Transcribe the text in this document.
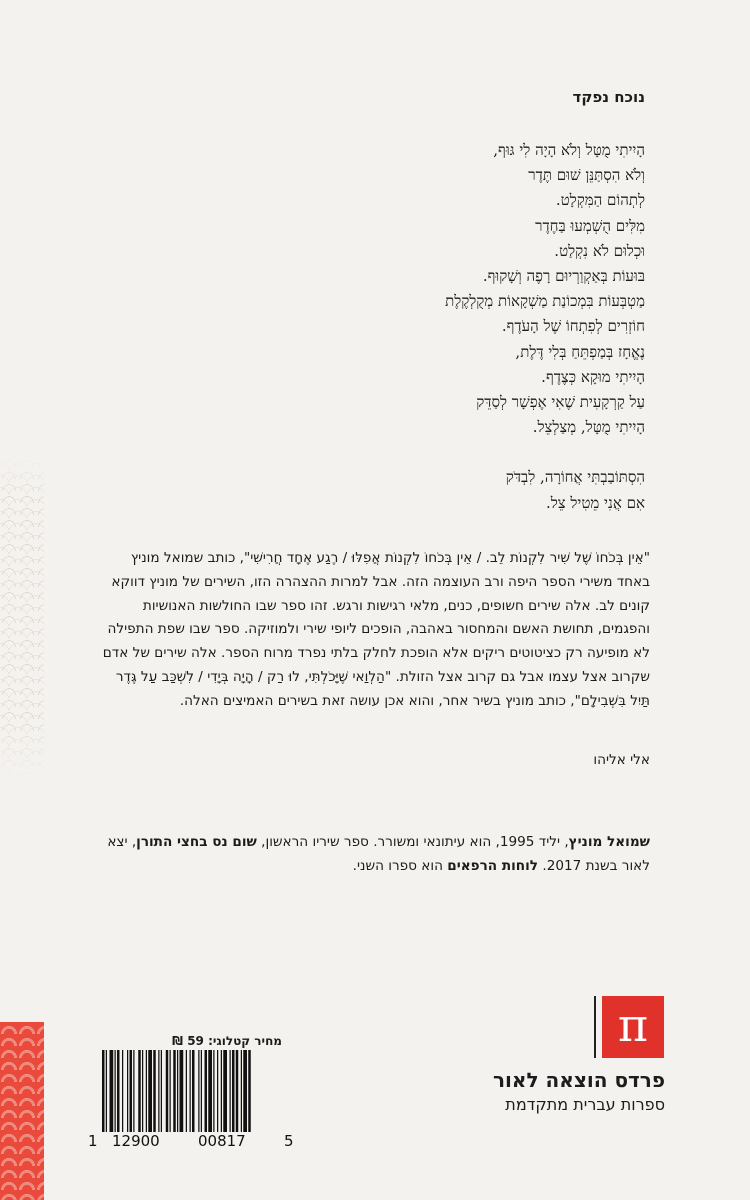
נוכח נפקד
הָיִיתִי מֻטָּל וְלֹא הָיָה לִי גּוּף,
וְלֹא הִסְתַּנֵּן שׁוּם תֶּדֶר
לְתְהוֹם הַמִּקְלָט.
מִלִּים הֻשְׁמְעוּ בַּחֶדֶר
וּכְלוּם לֹא נִקְלַט.
בּוּעוֹת בְּאַקְוַרְיוּם רָפֶה וְשָׁקוּף.
מַטְבְּעוֹת בִּמְכוֹנַת מַשְׁקָאוֹת מְקֻלְקֶלֶת
חוֹזְרִים לְפִתְחוֹ שֶׁל הָעֹדֶף.
נֶאֱחָז בְּמַפְתֵּחַ בְּלִי דֶּלֶת,
הָיִיתִי מוּקָא כְּצֶדֶף.
עַל קַרְקָעִית שֶׁאִי אֶפְשָׁר לְסַדֵּק
הָיִיתִי מֻטָּל, מְצַלְצֵל.
הִסְתּוֹבַבְתִּי אֲחוֹרָה, לִבְדֹּק
אִם אֲנִי מֵטִיל צֵל.

"אֵין בְּכֹחוֹ שֶׁל שִׁיר לִקְנוֹת לֵב. / אֵין בְּכֹחוֹ לִקְנוֹת אֲפִלּוּ / רֶגַע אֶחָד חֲרִישִׁי", כותב שמואל מוניץ באחד משירי הספר היפה ורב העוצמה הזה. אבל למרות ההצהרה הזו, השירים של מוניץ דווקא קונים לב. אלה שירים חשופים, כנים, מלאי רגישות ורגש. זהו ספר שבו החולשות האנושיות והפגמים, תחושת האשם והמחסור באהבה, הופכים ליופי שירי ולמוזיקה. ספר שבו שפת התפילה לא מופיעה רק כציטוטים ריקים אלא הופכת לחלק בלתי נפרד מרוח הספר. אלה שירים של אדם שקרוב אצל עצמו אבל גם קרוב אצל הזולת. "הַלְוַאי שֶׁיָּכֹלְתִּי, לוּ רַק / הָיָה בְּיָדִי / לִשְׁכַּב עַל גֶּדֶר תַּיִל בִּשְׁבִילָם", כותב מוניץ בשיר אחר, והוא אכן עושה זאת בשירים האמיצים האלה.

אלי אליהו
שמואל מוניץ, יליד 1995, הוא עיתונאי ומשורר. ספר שיריו הראשון, שום נס בחצי התורן, יצא לאור בשנת 2017. לוחות הרפאים הוא ספרו השני.
π
פרדס הוצאה לאור
ספרות עברית מתקדמת
מחיר קטלוגי: 59 ₪
1 12900	00817	5
